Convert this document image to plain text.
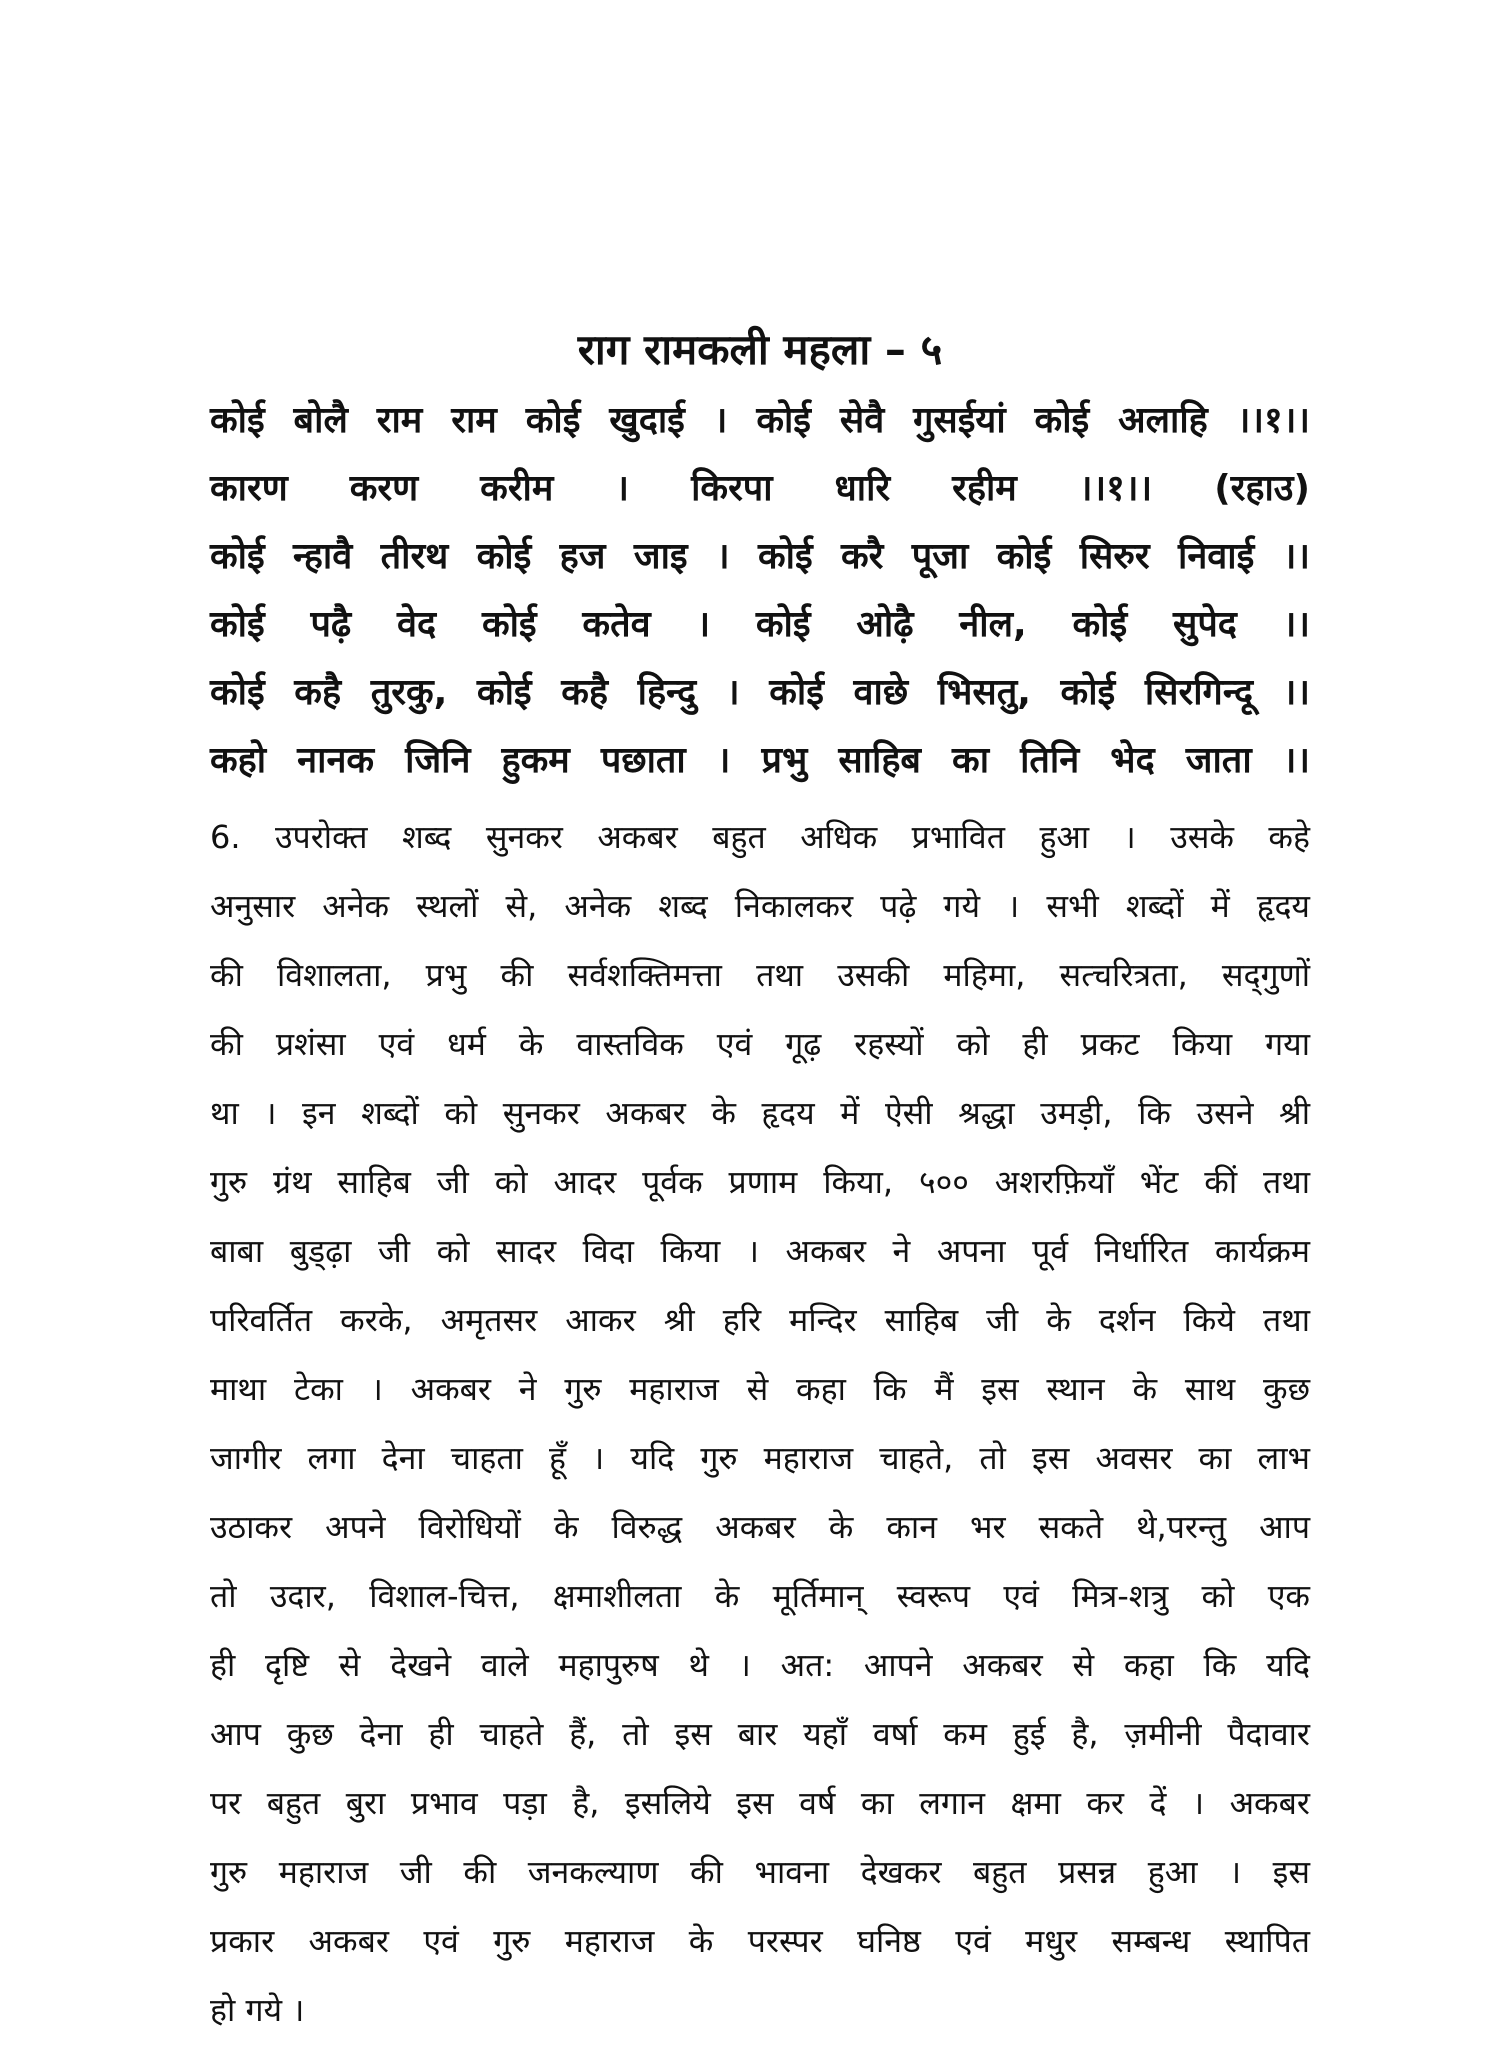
राग रामकली महला – ५
कोई बोलै राम राम कोई खुदाई । कोई सेवै गुसईयां कोई अलाहि ।।१।।
कारण करण करीम । किरपा धारि रहीम ।।१।। (रहाउ)
कोई न्हावै तीरथ कोई हज जाइ । कोई करै पूजा कोई सिरुर निवाई ।।
कोई पढ़ै वेद कोई कतेव । कोई ओढ़ै नील, कोई सुपेद ।।
कोई कहै तुरकु, कोई कहै हिन्दु । कोई वाछे भिसतु, कोई सिरगिन्दू ।।
कहो नानक जिनि हुकम पछाता । प्रभु साहिब का तिनि भेद जाता ।।
6. उपरोक्त शब्द सुनकर अकबर बहुत अधिक प्रभावित हुआ । उसके कहे
अनुसार अनेक स्थलों से, अनेक शब्द निकालकर पढ़े गये । सभी शब्दों में हृदय
की विशालता, प्रभु की सर्वशक्तिमत्ता तथा उसकी महिमा, सत्चरित्रता, सद्‌गुणों
की प्रशंसा एवं धर्म के वास्तविक एवं गूढ़ रहस्यों को ही प्रकट किया गया
था । इन शब्दों को सुनकर अकबर के हृदय में ऐसी श्रद्धा उमड़ी, कि उसने श्री
गुरु ग्रंथ साहिब जी को आदर पूर्वक प्रणाम किया, ५०० अशरफ़ियाँ भेंट कीं तथा
बाबा बुड्ढ़ा जी को सादर विदा किया । अकबर ने अपना पूर्व निर्धारित कार्यक्रम
परिवर्तित करके, अमृतसर आकर श्री हरि मन्दिर साहिब जी के दर्शन किये तथा
माथा टेका । अकबर ने गुरु महाराज से कहा कि मैं इस स्थान के साथ कुछ
जागीर लगा देना चाहता हूँ । यदि गुरु महाराज चाहते, तो इस अवसर का लाभ
उठाकर अपने विरोधियों के विरुद्ध अकबर के कान भर सकते थे,परन्तु आप
तो उदार, विशाल-चित्त, क्षमाशीलता के मूर्तिमान् स्वरूप एवं मित्र-शत्रु को एक
ही दृष्टि से देखने वाले महापुरुष थे । अत: आपने अकबर से कहा कि यदि
आप कुछ देना ही चाहते हैं, तो इस बार यहाँ वर्षा कम हुई है, ज़मीनी पैदावार
पर बहुत बुरा प्रभाव पड़ा है, इसलिये इस वर्ष का लगान क्षमा कर दें । अकबर
गुरु महाराज जी की जनकल्याण की भावना देखकर बहुत प्रसन्न हुआ । इस
प्रकार अकबर एवं गुरु महाराज के परस्पर घनिष्ठ एवं मधुर सम्बन्ध स्थापित
हो गये ।
